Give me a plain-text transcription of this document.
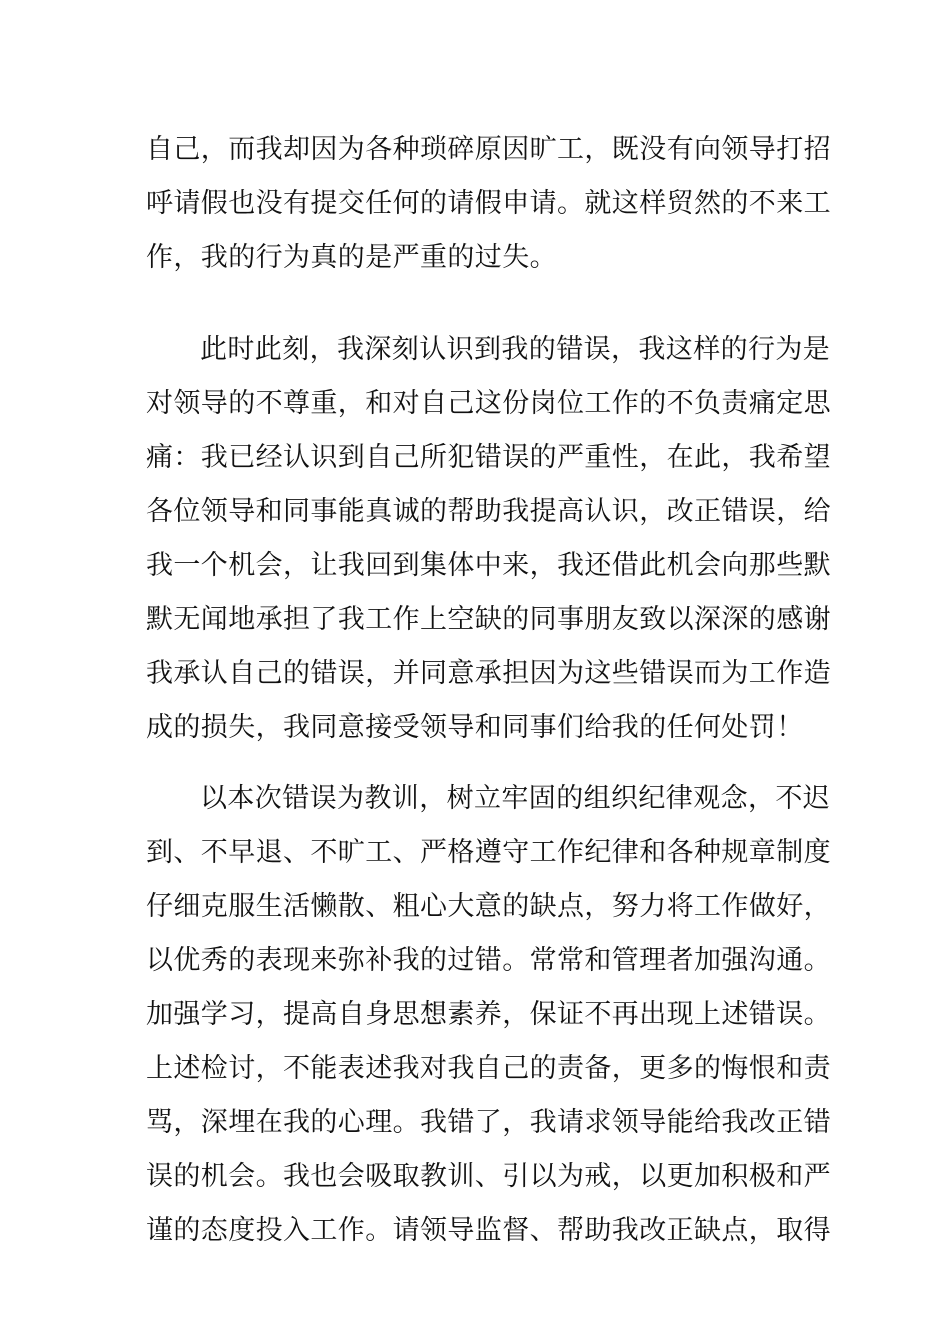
自己，而我却因为各种琐碎原因旷工，既没有向领导打招
呼请假也没有提交任何的请假申请。就这样贸然的不来工
作，我的行为真的是严重的过失。
此时此刻，我深刻认识到我的错误，我这样的行为是
对领导的不尊重，和对自己这份岗位工作的不负责痛定思
痛：我已经认识到自己所犯错误的严重性，在此，我希望
各位领导和同事能真诚的帮助我提高认识，改正错误，给
我一个机会，让我回到集体中来，我还借此机会向那些默
默无闻地承担了我工作上空缺的同事朋友致以深深的感谢
我承认自己的错误，并同意承担因为这些错误而为工作造
成的损失，我同意接受领导和同事们给我的任何处罚！
以本次错误为教训，树立牢固的组织纪律观念，不迟
到、不早退、不旷工、严格遵守工作纪律和各种规章制度
仔细克服生活懒散、粗心大意的缺点，努力将工作做好，
以优秀的表现来弥补我的过错。常常和管理者加强沟通。
加强学习，提高自身思想素养，保证不再出现上述错误。
上述检讨，不能表述我对我自己的责备，更多的悔恨和责
骂，深埋在我的心理。我错了，我请求领导能给我改正错
误的机会。我也会吸取教训、引以为戒，以更加积极和严
谨的态度投入工作。请领导监督、帮助我改正缺点，取得
